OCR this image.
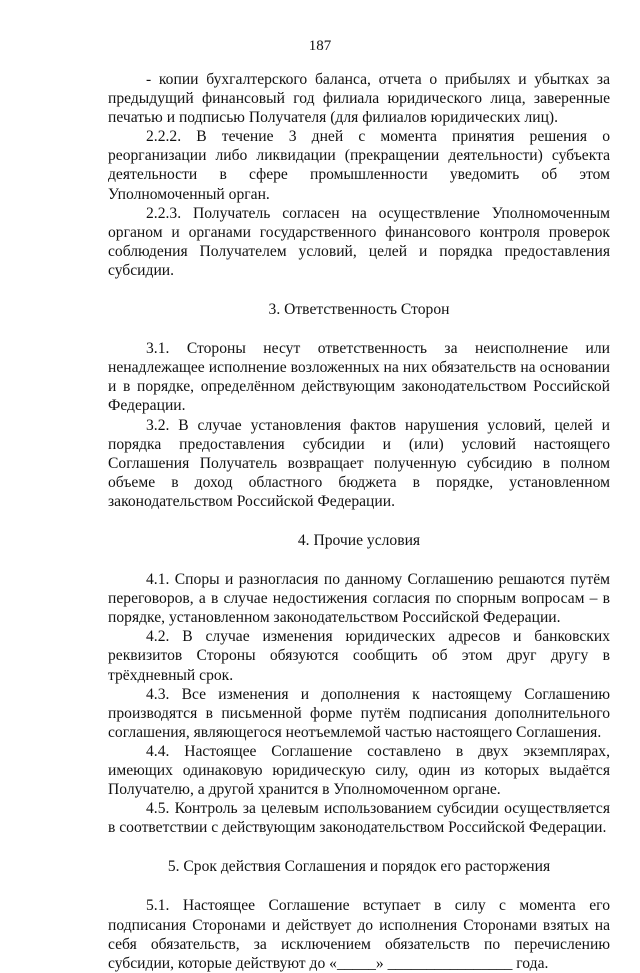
187

- копии бухгалтерского баланса, отчета о прибылях и убытках за предыдущий финансовый год филиала юридического лица, заверенные печатью и подписью Получателя (для филиалов юридических лиц).

2.2.2. В течение 3 дней с момента принятия решения о реорганизации либо ликвидации (прекращении деятельности) субъекта деятельности в сфере промышленности уведомить об этом Уполномоченный орган.

2.2.3. Получатель согласен на осуществление Уполномоченным органом и органами государственного финансового контроля проверок соблюдения Получателем условий, целей и порядка предоставления субсидии.

3. Ответственность Сторон

3.1. Стороны несут ответственность за неисполнение или ненадлежащее исполнение возложенных на них обязательств на основании и в порядке, определённом действующим законодательством Российской Федерации.

3.2. В случае установления фактов нарушения условий, целей и порядка предоставления субсидии и (или) условий настоящего Соглашения Получатель возвращает полученную субсидию в полном объеме в доход областного бюджета в порядке, установленном законодательством Российской Федерации.

4. Прочие условия

4.1. Споры и разногласия по данному Соглашению решаются путём переговоров, а в случае недостижения согласия по спорным вопросам – в порядке, установленном законодательством Российской Федерации.

4.2. В случае изменения юридических адресов и банковских реквизитов Стороны обязуются сообщить об этом друг другу в трёхдневный срок.

4.3. Все изменения и дополнения к настоящему Соглашению производятся в письменной форме путём подписания дополнительного соглашения, являющегося неотъемлемой частью настоящего Соглашения.

4.4. Настоящее Соглашение составлено в двух экземплярах, имеющих одинаковую юридическую силу, один из которых выдаётся Получателю, а другой хранится в Уполномоченном органе.

4.5. Контроль за целевым использованием субсидии осуществляется в соответствии с действующим законодательством Российской Федерации.

5. Срок действия Соглашения и порядок его расторжения

5.1. Настоящее Соглашение вступает в силу с момента его подписания Сторонами и действует до исполнения Сторонами взятых на себя обязательств, за исключением обязательств по перечислению субсидии, которые действуют до «_____» ________________ года.
